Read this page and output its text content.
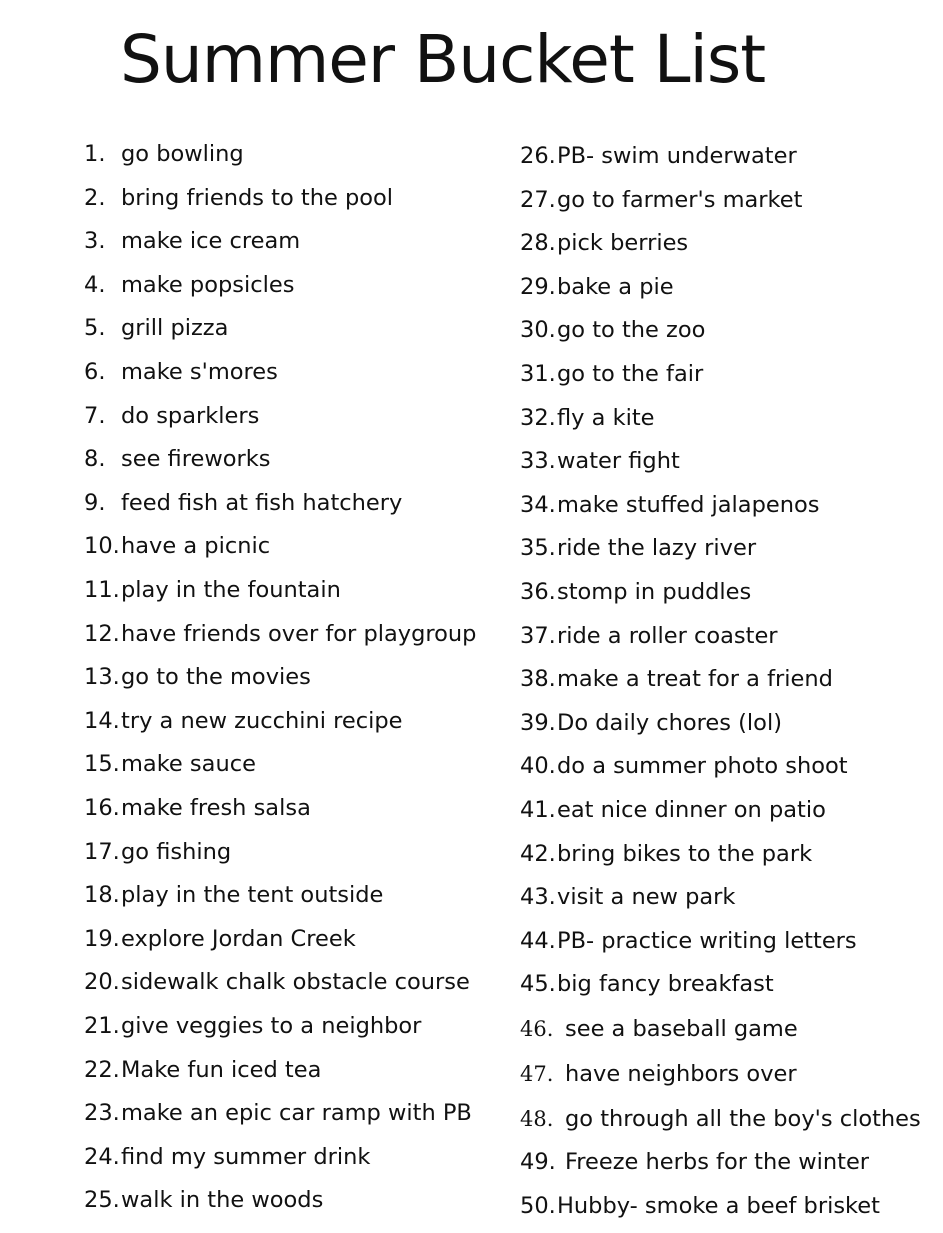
Summer Bucket List
1. go bowling
2. bring friends to the pool
3. make ice cream
4. make popsicles
5. grill pizza
6. make s'mores
7. do sparklers
8. see fireworks
9. feed fish at fish hatchery
10. have a picnic
11. play in the fountain
12. have friends over for playgroup
13. go to the movies
14. try a new zucchini recipe
15. make sauce
16. make fresh salsa
17. go fishing
18. play in the tent outside
19. explore Jordan Creek
20. sidewalk chalk obstacle course
21. give veggies to a neighbor
22. Make fun iced tea
23. make an epic car ramp with PB
24. find my summer drink
25. walk in the woods
26. PB- swim underwater
27. go to farmer's market
28. pick berries
29. bake a pie
30. go to the zoo
31. go to the fair
32. fly a kite
33. water fight
34. make stuffed jalapenos
35. ride the lazy river
36. stomp in puddles
37. ride a roller coaster
38. make a treat for a friend
39. Do daily chores (lol)
40. do a summer photo shoot
41. eat nice dinner on patio
42. bring bikes to the park
43. visit a new park
44. PB- practice writing letters
45. big fancy breakfast
46. see a baseball game
47. have neighbors over
48. go through all the boy's clothes
49. Freeze herbs for the winter
50. Hubby- smoke a beef brisket
